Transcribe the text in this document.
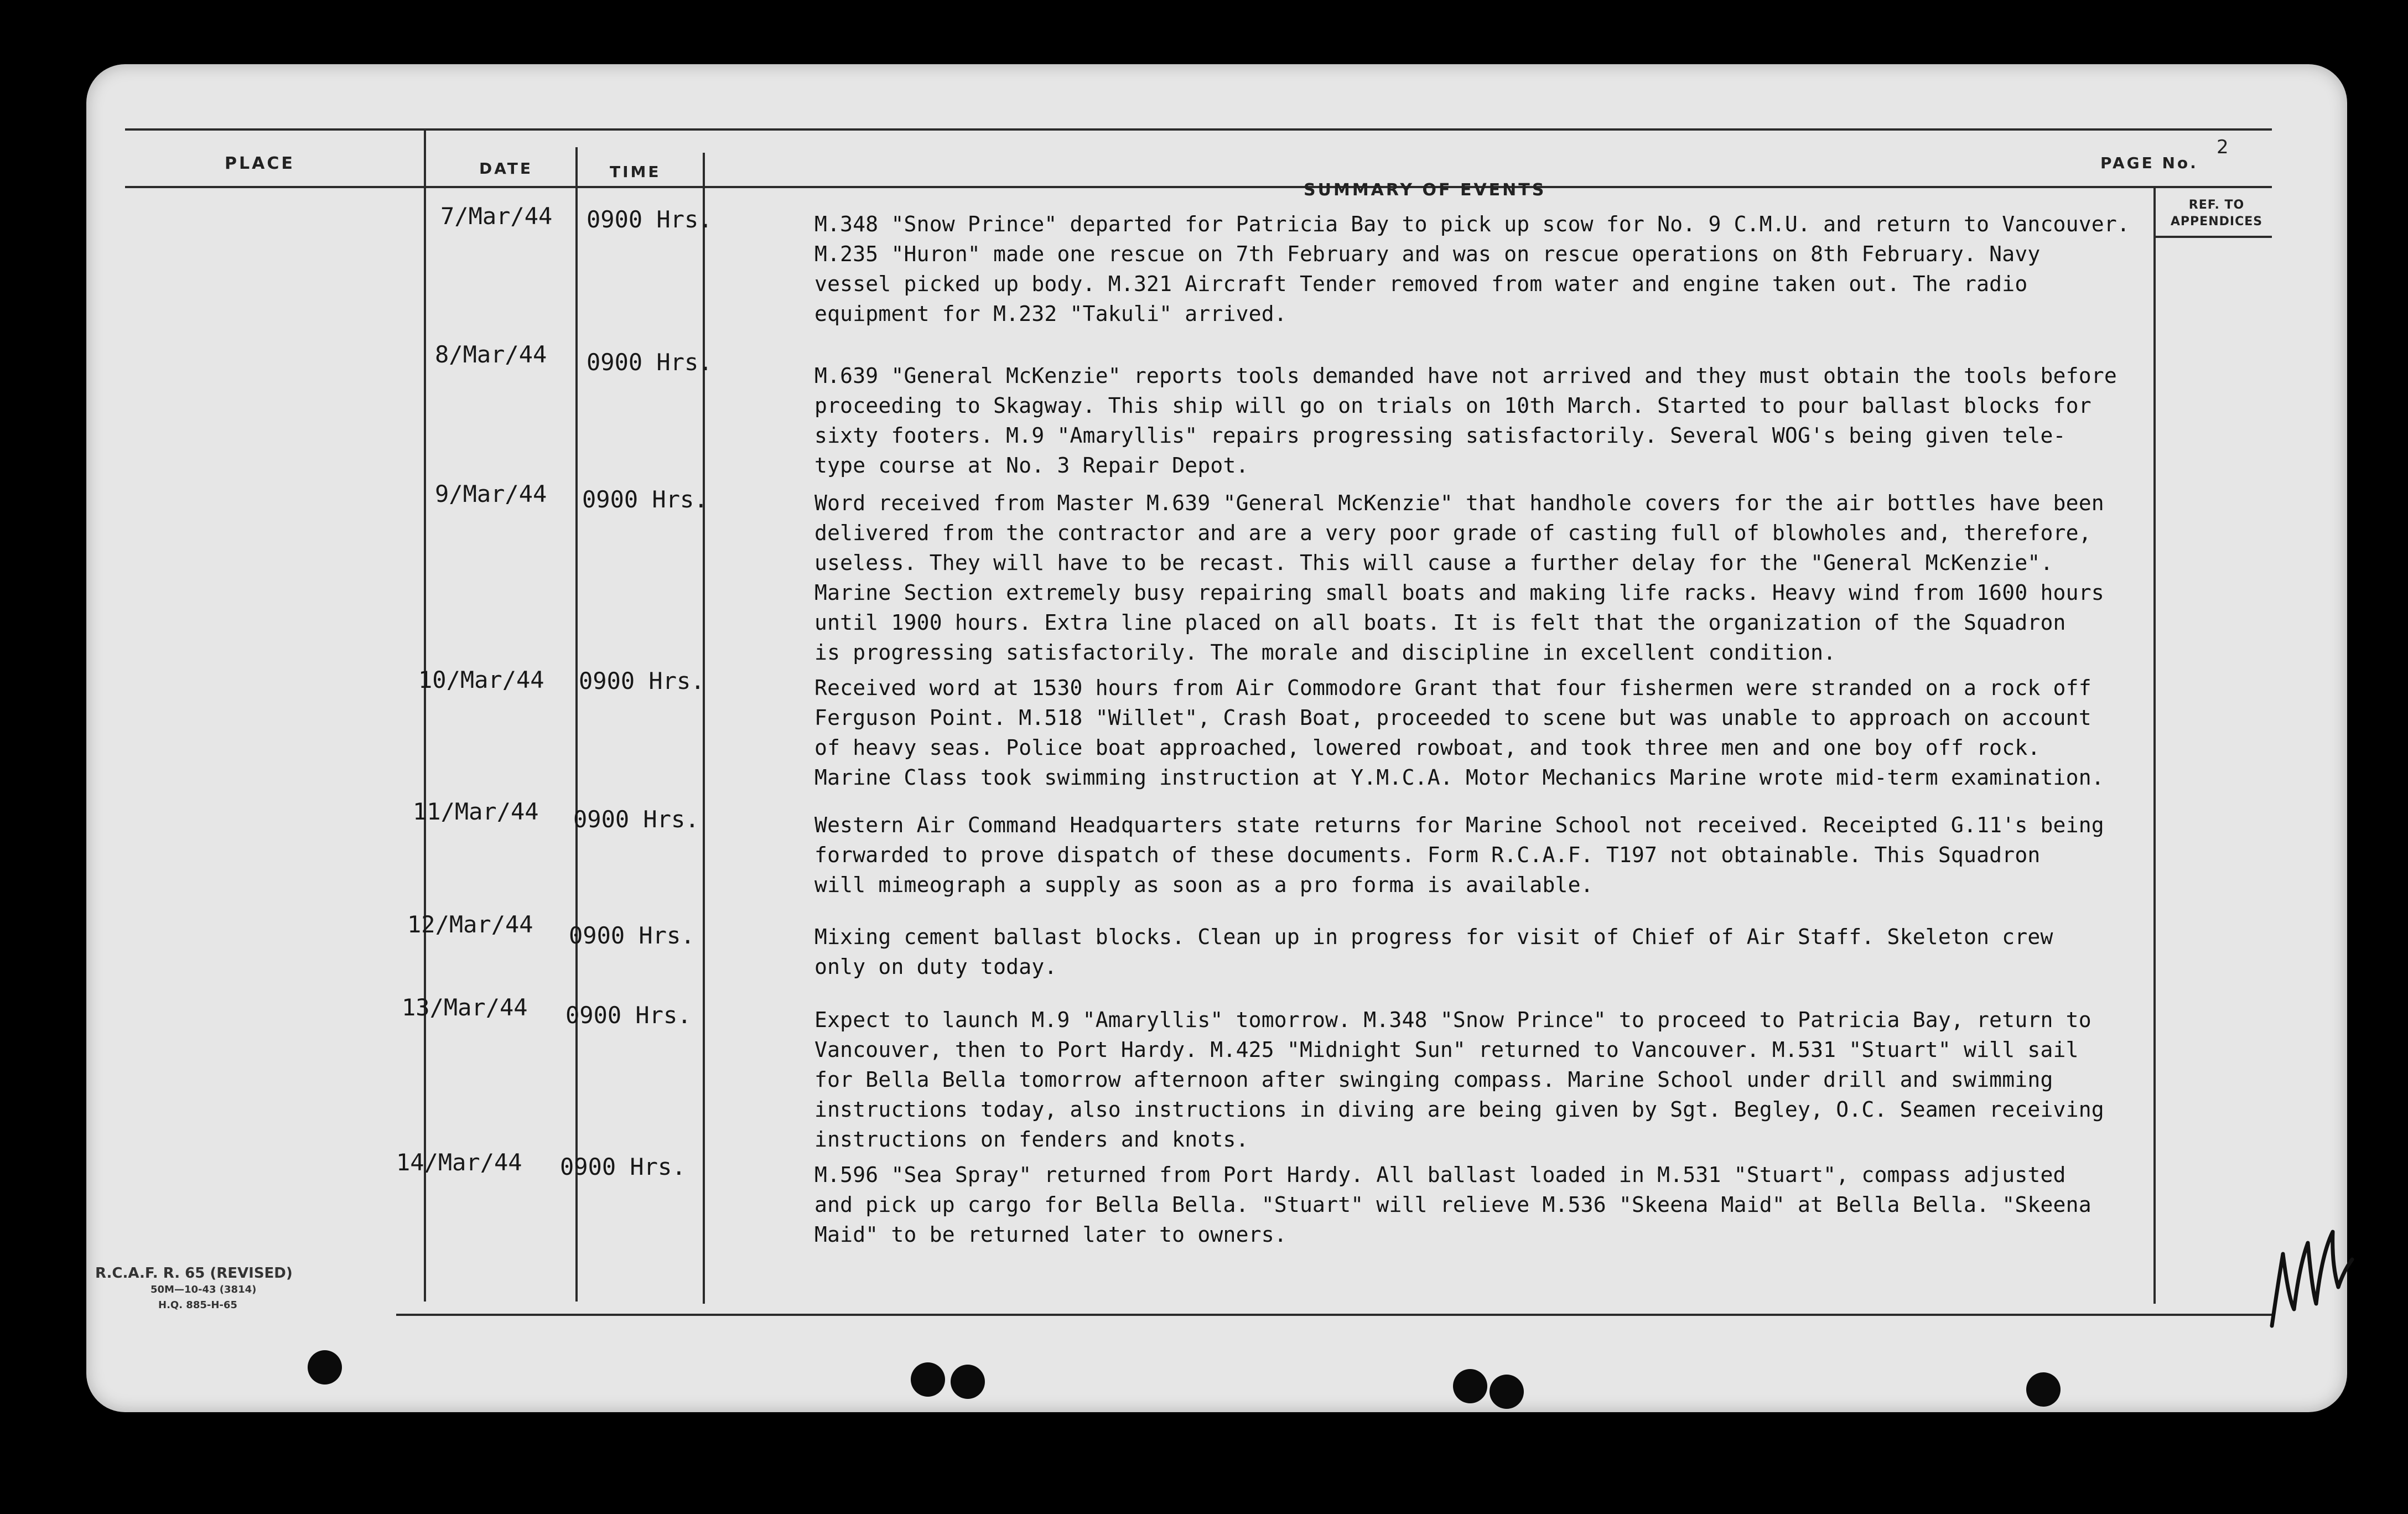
PLACE	DATE	TIME
SUMMARY OF EVENTS
PAGE No.
2
REF. TO
APPENDICES
7/Mar/44 0900 Hrs.	M.348 "Snow Prince" departed for Patricia Bay to pick up scow for No. 9 C.M.U. and return to Vancouver.
M.235 "Huron" made one rescue on 7th February and was on rescue operations on 8th February. Navy
vessel picked up body. M.321 Aircraft Tender removed from water and engine taken out. The radio
equipment for M.232 "Takuli" arrived.
8/Mar/44 0900 Hrs.	M.639 "General McKenzie" reports tools demanded have not arrived and they must obtain the tools before
proceeding to Skagway. This ship will go on trials on 10th March. Started to pour ballast blocks for
sixty footers. M.9 "Amaryllis" repairs progressing satisfactorily. Several WOG's being given tele-
type course at No. 3 Repair Depot.
9/Mar/44 0900 Hrs.	Word received from Master M.639 "General McKenzie" that handhole covers for the air bottles have been
delivered from the contractor and are a very poor grade of casting full of blowholes and, therefore,
useless. They will have to be recast. This will cause a further delay for the "General McKenzie".
Marine Section extremely busy repairing small boats and making life racks. Heavy wind from 1600 hours
until 1900 hours. Extra line placed on all boats. It is felt that the organization of the Squadron
is progressing satisfactorily. The morale and discipline in excellent condition.
10/Mar/44 0900 Hrs.	Received word at 1530 hours from Air Commodore Grant that four fishermen were stranded on a rock off
Ferguson Point. M.518 "Willet", Crash Boat, proceeded to scene but was unable to approach on account
of heavy seas. Police boat approached, lowered rowboat, and took three men and one boy off rock.
Marine Class took swimming instruction at Y.M.C.A. Motor Mechanics Marine wrote mid-term examination.
11/Mar/44 0900 Hrs.	Western Air Command Headquarters state returns for Marine School not received. Receipted G.11's being
forwarded to prove dispatch of these documents. Form R.C.A.F. T197 not obtainable. This Squadron
will mimeograph a supply as soon as a pro forma is available.
12/Mar/44 0900 Hrs.	Mixing cement ballast blocks. Clean up in progress for visit of Chief of Air Staff. Skeleton crew
only on duty today.
13/Mar/44 0900 Hrs.	Expect to launch M.9 "Amaryllis" tomorrow. M.348 "Snow Prince" to proceed to Patricia Bay, return to
Vancouver, then to Port Hardy. M.425 "Midnight Sun" returned to Vancouver. M.531 "Stuart" will sail
for Bella Bella tomorrow afternoon after swinging compass. Marine School under drill and swimming
instructions today, also instructions in diving are being given by Sgt. Begley, O.C. Seamen receiving
instructions on fenders and knots.
14/Mar/44 0900 Hrs.	M.596 "Sea Spray" returned from Port Hardy. All ballast loaded in M.531 "Stuart", compass adjusted
and pick up cargo for Bella Bella. "Stuart" will relieve M.536 "Skeena Maid" at Bella Bella. "Skeena
Maid" to be returned later to owners.
R.C.A.F. R. 65 (REVISED)
50M—10-43 (3814)
H.Q. 885-H-65
